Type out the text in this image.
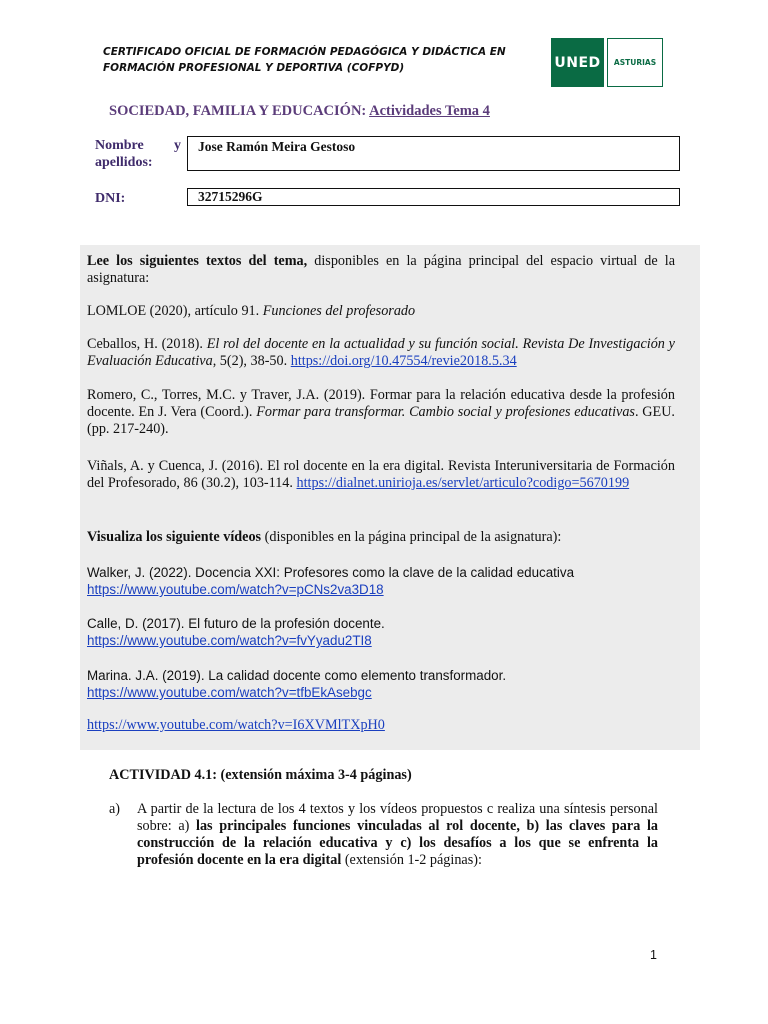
CERTIFICADO OFICIAL DE FORMACIÓN PEDAGÓGICA Y DIDÁCTICA EN FORMACIÓN PROFESIONAL Y DEPORTIVA (COFPYD)	UNED	ASTURIAS
SOCIEDAD, FAMILIA Y EDUCACIÓN: Actividades Tema 4
Nombre y
apellidos:
Jose Ramón Meira Gestoso
DNI:	32715296G
Lee los siguientes textos del tema, disponibles en la página principal del espacio virtual de la asignatura:
LOMLOE (2020), artículo 91. Funciones del profesorado
Ceballos, H. (2018). El rol del docente en la actualidad y su función social. Revista De Investigación y Evaluación Educativa, 5(2), 38-50. https://doi.org/10.47554/revie2018.5.34
Romero, C., Torres, M.C. y Traver, J.A. (2019). Formar para la relación educativa desde la profesión docente. En J. Vera (Coord.). Formar para transformar. Cambio social y profesiones educativas. GEU. (pp. 217-240).
Viñals, A. y Cuenca, J. (2016). El rol docente en la era digital. Revista Interuniversitaria de Formación del Profesorado, 86 (30.2), 103-114. https://dialnet.unirioja.es/servlet/articulo?codigo=5670199
Visualiza los siguiente vídeos (disponibles en la página principal de la asignatura):
Walker, J. (2022). Docencia XXI: Profesores como la clave de la calidad educativa
https://www.youtube.com/watch?v=pCNs2va3D18
Calle, D. (2017). El futuro de la profesión docente.
https://www.youtube.com/watch?v=fvYyadu2TI8
Marina. J.A. (2019). La calidad docente como elemento transformador.
https://www.youtube.com/watch?v=tfbEkAsebgc
https://www.youtube.com/watch?v=I6XVMlTXpH0
ACTIVIDAD 4.1: (extensión máxima 3-4 páginas)
a) A partir de la lectura de los 4 textos y los vídeos propuestos c realiza una síntesis personal sobre: a) las principales funciones vinculadas al rol docente, b) las claves para la construcción de la relación educativa y c) los desafíos a los que se enfrenta la profesión docente en la era digital (extensión 1-2 páginas):
1
